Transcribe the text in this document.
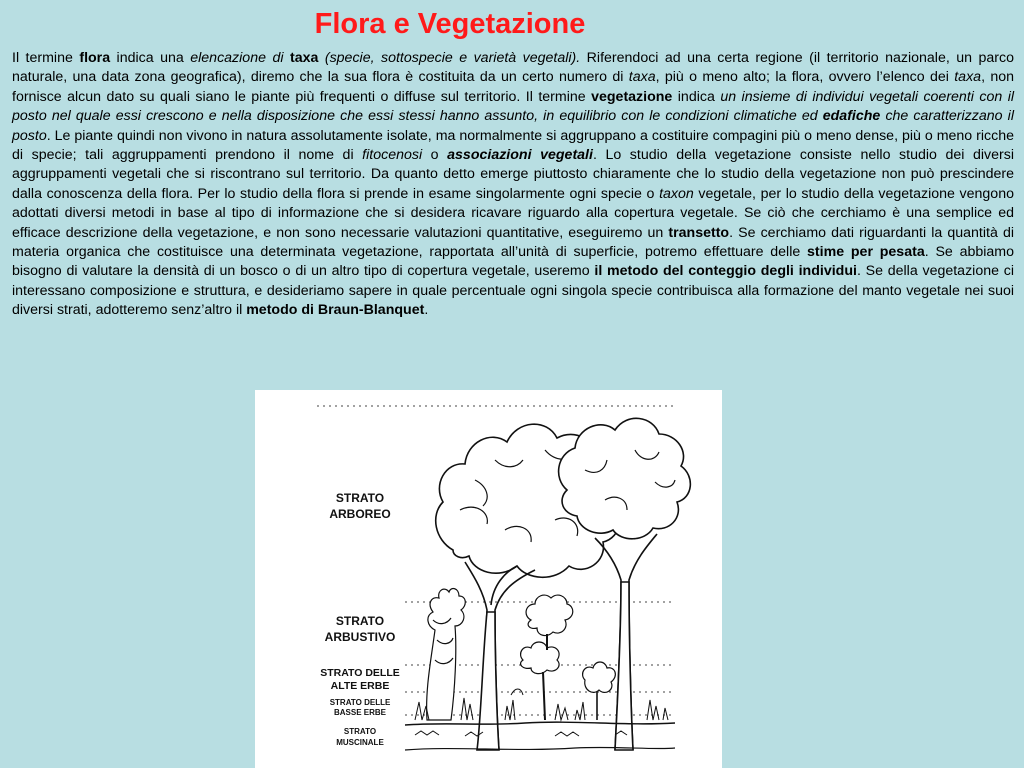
Flora e Vegetazione

Il termine flora indica una elencazione di taxa (specie, sottospecie e varietà vegetali). Riferendoci ad una certa regione (il territorio nazionale, un parco naturale, una data zona geografica), diremo che la sua flora è costituita da un certo numero di taxa, più o meno alto; la flora, ovvero l’elenco dei taxa, non fornisce alcun dato su quali siano le piante più frequenti o diffuse sul territorio. Il termine vegetazione indica un insieme di individui vegetali coerenti con il posto nel quale essi crescono e nella disposizione che essi stessi hanno assunto, in equilibrio con le condizioni climatiche ed edafiche che caratterizzano il posto. Le piante quindi non vivono in natura assolutamente isolate, ma normalmente si aggruppano a costituire compagini più o meno dense, più o meno ricche di specie; tali aggruppamenti prendono il nome di fitocenosi o associazioni vegetali. Lo studio della vegetazione consiste nello studio dei diversi aggruppamenti vegetali che si riscontrano sul territorio. Da quanto detto emerge piuttosto chiaramente che lo studio della vegetazione non può prescindere dalla conoscenza della flora. Per lo studio della flora si prende in esame singolarmente ogni specie o taxon vegetale, per lo studio della vegetazione vengono adottati diversi metodi in base al tipo di informazione che si desidera ricavare riguardo alla copertura vegetale. Se ciò che cerchiamo è una semplice ed efficace descrizione della vegetazione, e non sono necessarie valutazioni quantitative, eseguiremo un transetto. Se cerchiamo dati riguardanti la quantità di materia organica che costituisce una determinata vegetazione, rapportata all’unità di superficie, potremo effettuare delle stime per pesata. Se abbiamo bisogno di valutare la densità di un bosco o di un altro tipo di copertura vegetale, useremo il metodo del conteggio degli individui. Se della vegetazione ci interessano composizione e struttura, e desideriamo sapere in quale percentuale ogni singola specie contribuisca alla formazione del manto vegetale nei suoi diversi strati, adotteremo senz’altro il metodo di Braun-Blanquet.

STRATO
ARBOREO
STRATO
ARBUSTIVO
STRATO DELLE
ALTE ERBE
STRATO DELLE
BASSE ERBE
STRATO
MUSCINALE
